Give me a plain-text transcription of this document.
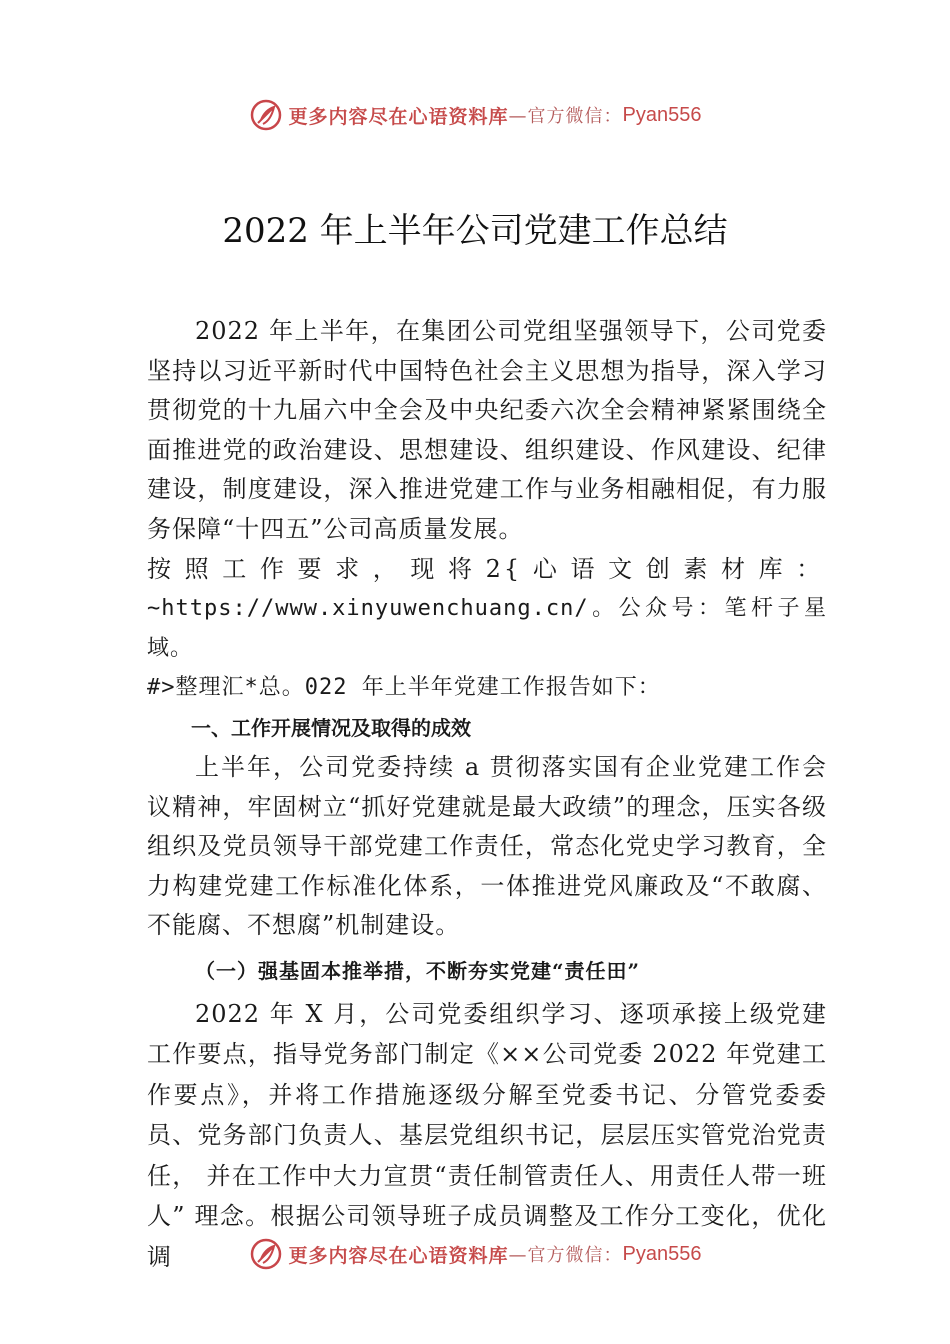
更多内容尽在心语资料库 —官方微信： Pyan556
2022 年上半年公司党建工作总结

2022 年上半年，在集团公司党组坚强领导下，公司党委坚持以习近平新时代中国特色社会主义思想为指导，深入学习贯彻党的十九届六中全会及中央纪委六次全会精神紧紧围绕全面推进党的政治建设、思想建设、组织建设、作风建设、纪律建设，制度建设，深入推进党建工作与业务相融相促，有力服务保障“十四五”公司高质量发展。

按 照 工 作 要 求 ， 现 将 2{ 心 语 文 创 素 材 库 ：

~https://www.xinyuwenchuang.cn/。公众号：笔杆子星域。

#>整理汇*总。022 年上半年党建工作报告如下：

一、工作开展情况及取得的成效

上半年，公司党委持续 a 贯彻落实国有企业党建工作会议精神，牢固树立“抓好党建就是最大政绩”的理念，压实各级组织及党员领导干部党建工作责任，常态化党史学习教育，全力构建党建工作标准化体系，一体推进党风廉政及“不敢腐、不能腐、不想腐”机制建设。

（一）强基固本推举措，不断夯实党建“责任田”

2022 年 X 月，公司党委组织学习、逐项承接上级党建工作要点，指导党务部门制定《××公司党委 2022 年党建工作要点》，并将工作措施逐级分解至党委书记、分管党委委员、党务部门负责人、基层党组织书记，层层压实管党治党责任， 并在工作中大力宣贯“责任制管责任人、用责任人带一班人” 理念。根据公司领导班子成员调整及工作分工变化，优化调	更多内容尽在心语资料库 —官方微信： Pyan556
